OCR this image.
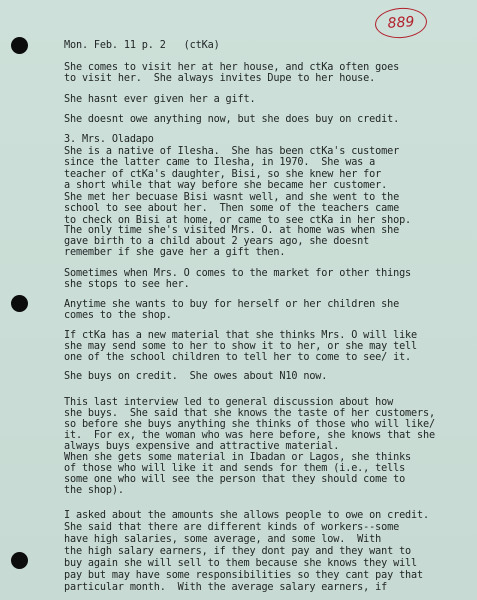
889
Mon. Feb. 11 p. 2   (ctKa)
She comes to visit her at her house, and ctKa often goes
to visit her.  She always invites Dupe to her house.
She hasnt ever given her a gift.
She doesnt owe anything now, but she does buy on credit.
3. Mrs. Oladapo
She is a native of Ilesha.  She has been ctKa's customer
since the latter came to Ilesha, in 1970.  She was a
teacher of ctKa's daughter, Bisi, so she knew her for
a short while that way before she became her customer.
She met her becuase Bisi wasnt well, and she went to the
school to see about her.  Then some of the teachers came
to check on Bisi at home, or came to see ctKa in her shop.
The only time she's visited Mrs. O. at home was when she
gave birth to a child about 2 years ago, she doesnt
remember if she gave her a gift then.
Sometimes when Mrs. O comes to the market for other things
she stops to see her.
Anytime she wants to buy for herself or her children she
comes to the shop.
If ctKa has a new material that she thinks Mrs. O will like
she may send some to her to show it to her, or she may tell
one of the school children to tell her to come to see/ it.
She buys on credit.  She owes about N10 now.
This last interview led to general discussion about how
she buys.  She said that she knows the taste of her customers,
so before she buys anything she thinks of those who will like/
it.  For ex, the woman who was here before, she knows that she
always buys expensive and attractive material.
When she gets some material in Ibadan or Lagos, she thinks
of those who will like it and sends for them (i.e., tells
some one who will see the person that they should come to
the shop).
I asked about the amounts she allows people to owe on credit.
She said that there are different kinds of workers--some
have high salaries, some average, and some low.  With
the high salary earners, if they dont pay and they want to
buy again she will sell to them because she knows they will
pay but may have some responsibilities so they cant pay that
particular month.  With the average salary earners, if
